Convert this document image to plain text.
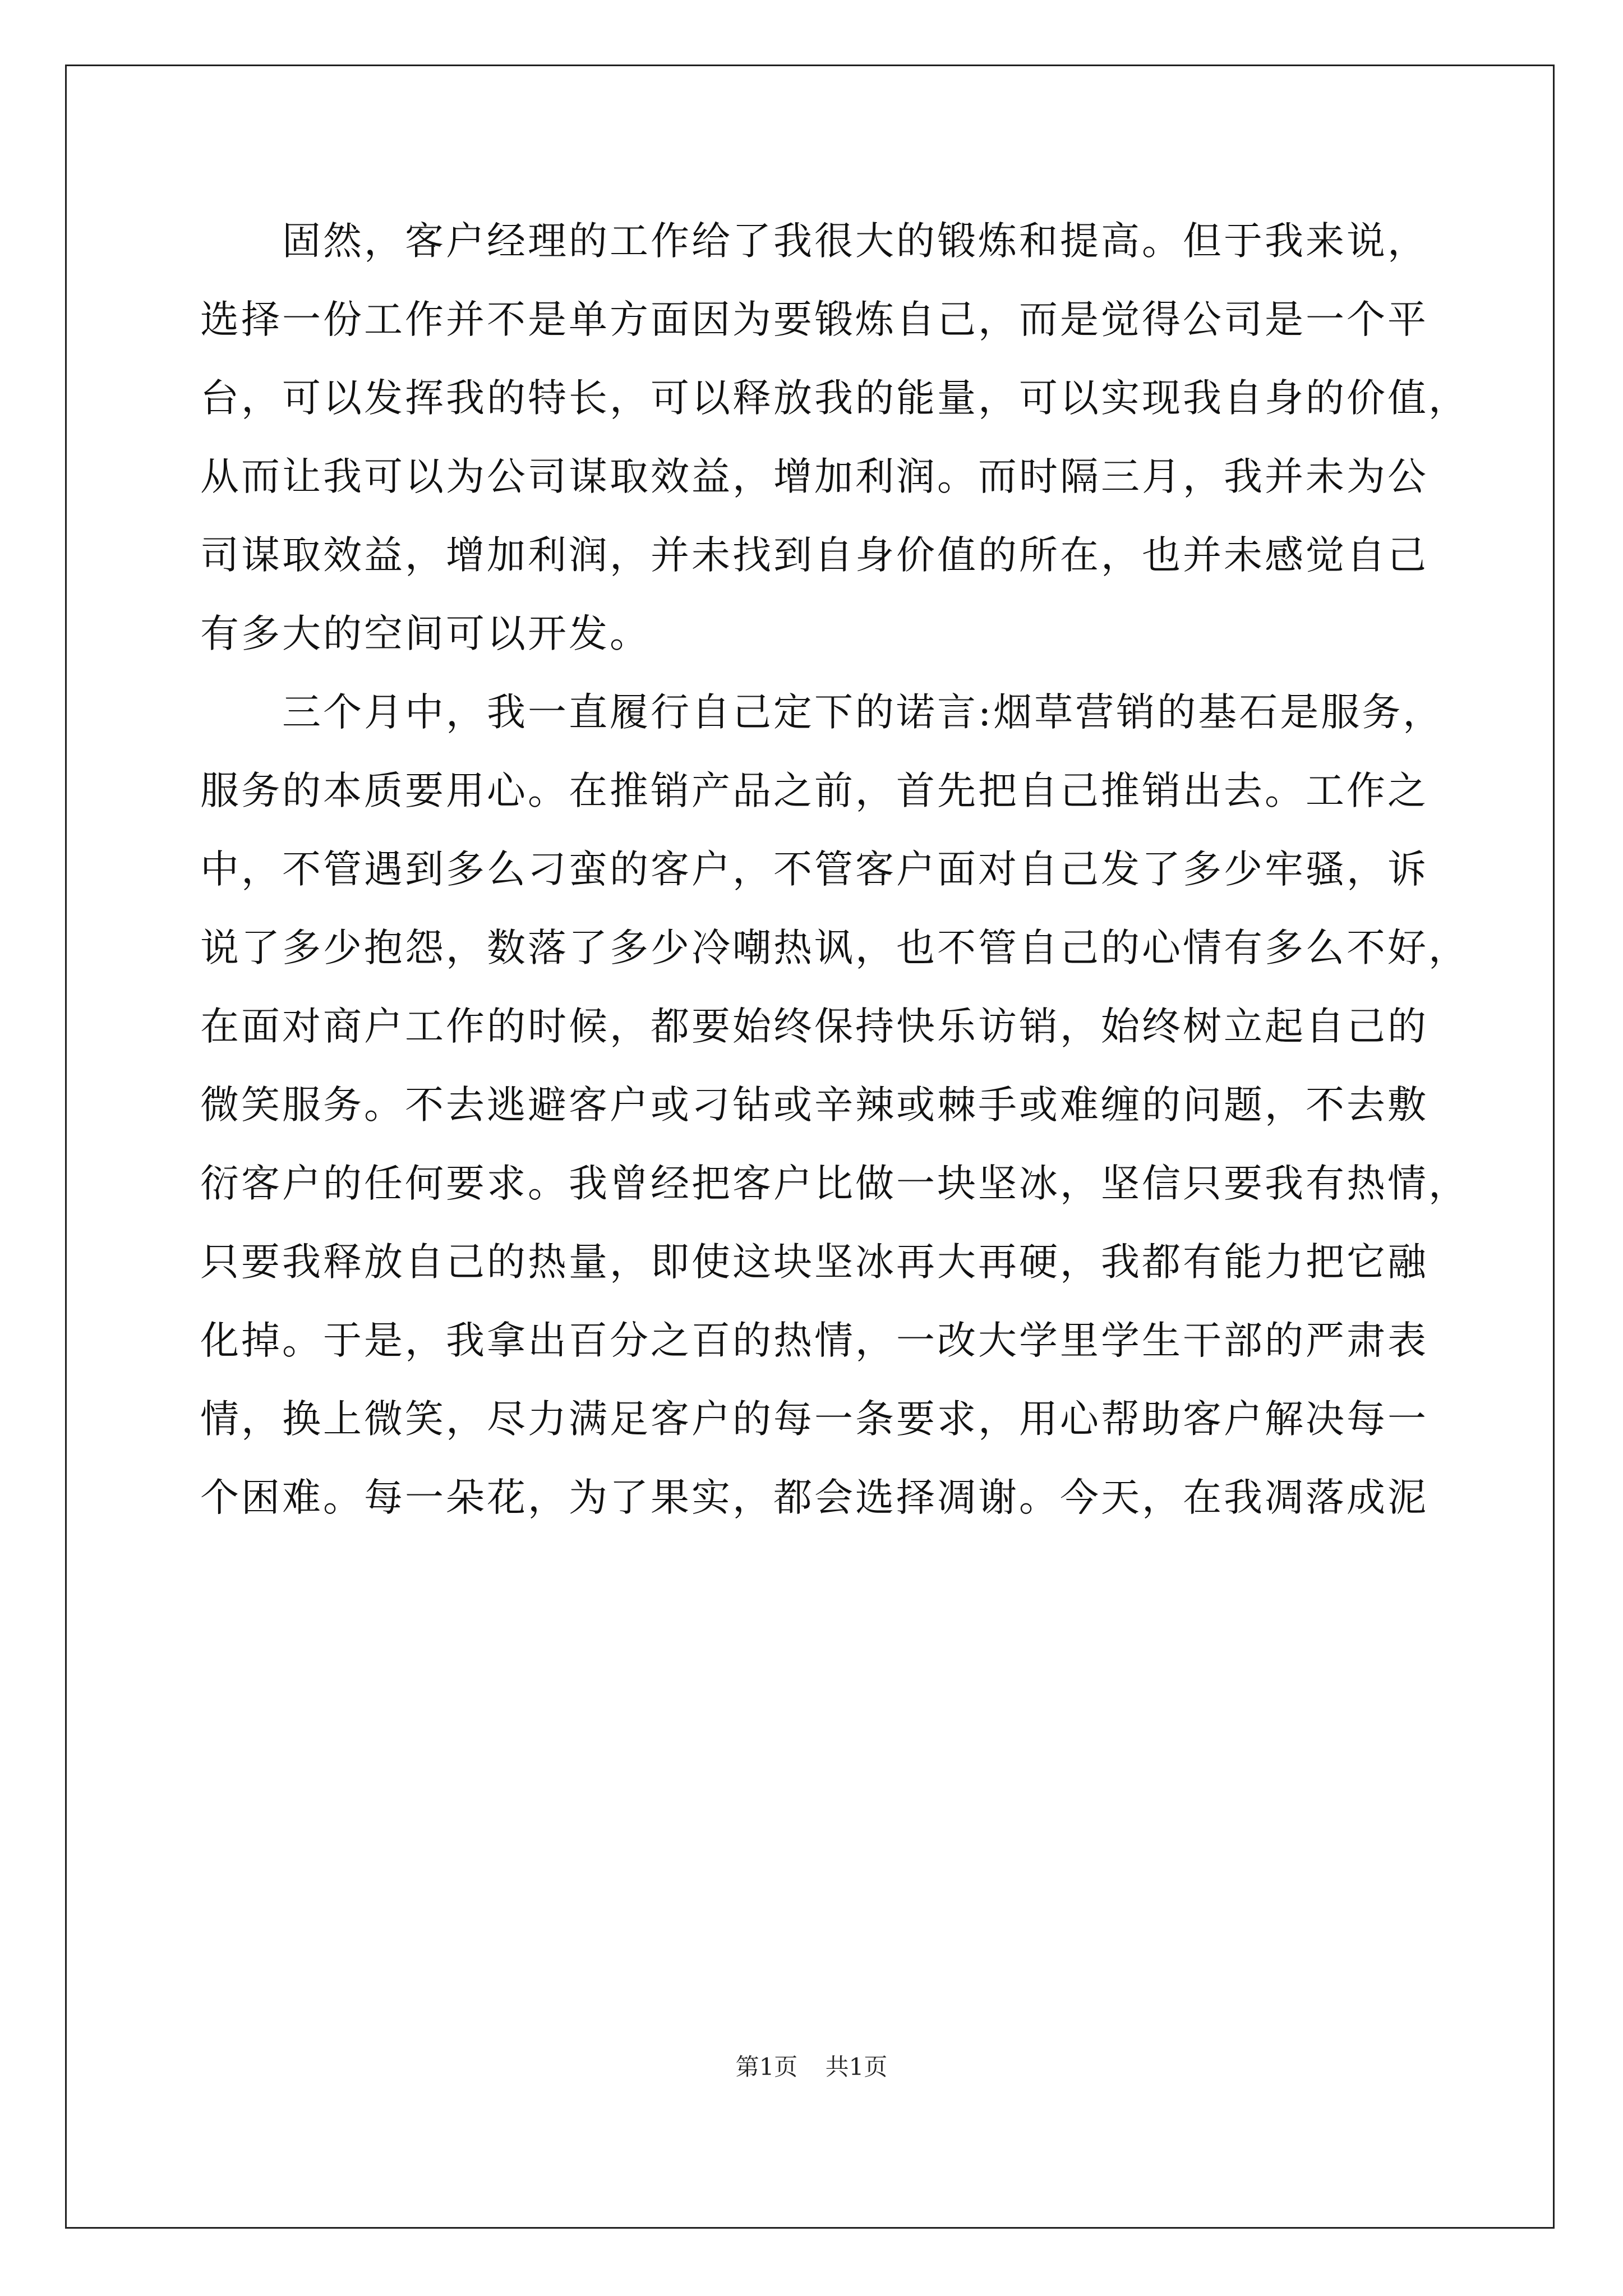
　　固然，客户经理的工作给了我很大的锻炼和提高。但于我来说，
选择一份工作并不是单方面因为要锻炼自己，而是觉得公司是一个平
台，可以发挥我的特长，可以释放我的能量，可以实现我自身的价值，
从而让我可以为公司谋取效益，增加利润。而时隔三月，我并未为公
司谋取效益，增加利润，并未找到自身价值的所在，也并未感觉自己
有多大的空间可以开发。
　　三个月中，我一直履行自己定下的诺言:烟草营销的基石是服务，
服务的本质要用心。在推销产品之前，首先把自己推销出去。工作之
中，不管遇到多么刁蛮的客户，不管客户面对自己发了多少牢骚，诉
说了多少抱怨，数落了多少冷嘲热讽，也不管自己的心情有多么不好，
在面对商户工作的时候，都要始终保持快乐访销，始终树立起自己的
微笑服务。不去逃避客户或刁钻或辛辣或棘手或难缠的问题，不去敷
衍客户的任何要求。我曾经把客户比做一块坚冰，坚信只要我有热情，
只要我释放自己的热量，即使这块坚冰再大再硬，我都有能力把它融
化掉。于是，我拿出百分之百的热情，一改大学里学生干部的严肃表
情，换上微笑，尽力满足客户的每一条要求，用心帮助客户解决每一
个困难。每一朵花，为了果实，都会选择凋谢。今天，在我凋落成泥
第1页 共1页
